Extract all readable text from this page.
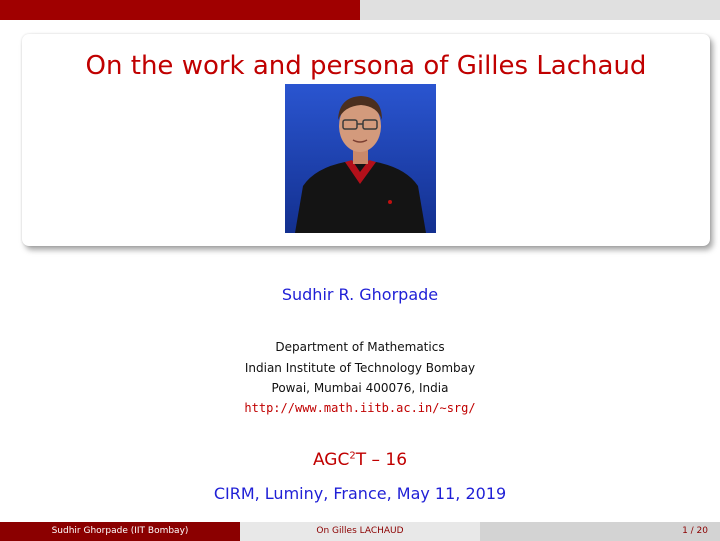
On the work and persona of Gilles Lachaud
Sudhir R. Ghorpade
Department of Mathematics
Indian Institute of Technology Bombay
Powai, Mumbai 400076, India
http://www.math.iitb.ac.in/∼srg/
AGC$^2$T – 16
CIRM, Luminy, France, May 11, 2019
Sudhir Ghorpade (IIT Bombay)	On Gilles LACHAUD	1 / 20
